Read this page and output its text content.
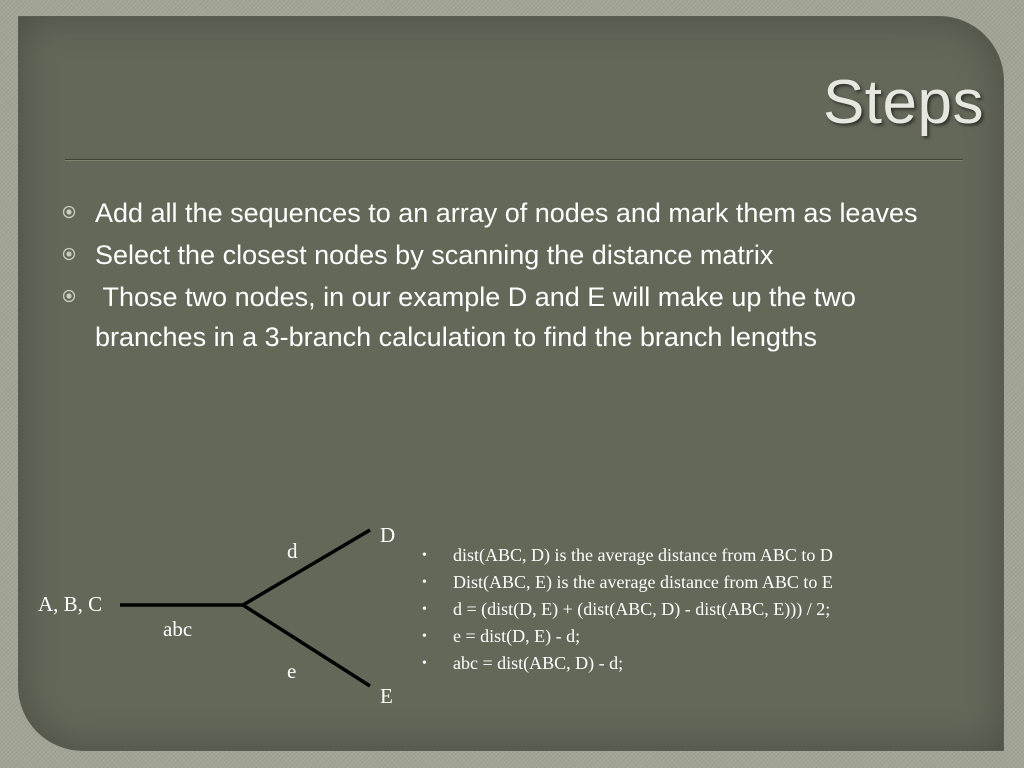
Steps
Add all the sequences to an array of nodes and mark them as leaves
Select the closest nodes by scanning the distance matrix
Those two nodes, in our example D and E will make up the two branches in a 3-branch calculation to find the branch lengths
A, B, C
abc
d
e
D
E
• dist(ABC, D) is the average distance from ABC to D
• Dist(ABC, E) is the average distance from ABC to E
• d = (dist(D, E) + (dist(ABC, D) - dist(ABC, E))) / 2;
• e = dist(D, E) - d;
• abc = dist(ABC, D) - d;
